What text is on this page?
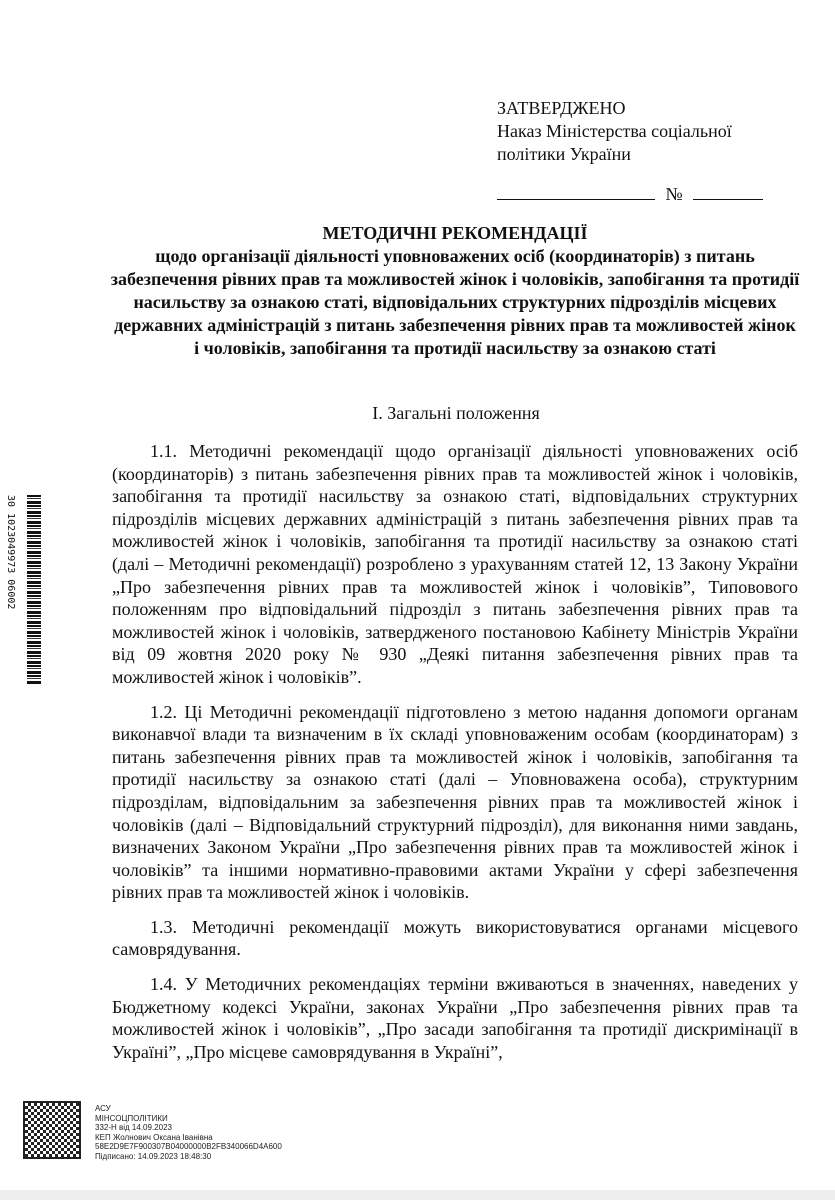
ЗАТВЕРДЖЕНО
Наказ Міністерства соціальної
політики України
№
МЕТОДИЧНІ РЕКОМЕНДАЦІЇ
щодо організації діяльності уповноважених осіб (координаторів) з питань забезпечення рівних прав та можливостей жінок і чоловіків, запобігання та протидії насильству за ознакою статі, відповідальних структурних підрозділів місцевих державних адміністрацій з питань забезпечення рівних прав та можливостей жінок і чоловіків, запобігання та протидії насильству за ознакою статі
І. Загальні положення

1.1. Методичні рекомендації щодо організації діяльності уповноважених осіб (координаторів) з питань забезпечення рівних прав та можливостей жінок і чоловіків, запобігання та протидії насильству за ознакою статі, відповідальних структурних підрозділів місцевих державних адміністрацій з питань забезпечення рівних прав та можливостей жінок і чоловіків, запобігання та протидії насильству за ознакою статі (далі – Методичні рекомендації) розроблено з урахуванням статей 12, 13 Закону України „Про забезпечення рівних прав та можливостей жінок і чоловіків”, Типовового положенням про відповідальний підрозділ з питань забезпечення рівних прав та можливостей жінок і чоловіків, затвердженого постановою Кабінету Міністрів України від 09 жовтня 2020 року № 930 „Деякі питання забезпечення рівних прав та можливостей жінок і чоловіків”.

1.2. Ці Методичні рекомендації підготовлено з метою надання допомоги органам виконавчої влади та визначеним в їх складі уповноваженим особам (координаторам) з питань забезпечення рівних прав та можливостей жінок і чоловіків, запобігання та протидії насильству за ознакою статі (далі – Уповноважена особа), структурним підрозділам, відповідальним за забезпечення рівних прав та можливостей жінок і чоловіків (далі – Відповідальний структурний підрозділ), для виконання ними завдань, визначених Законом України „Про забезпечення рівних прав та можливостей жінок і чоловіків” та іншими нормативно-правовими актами України у сфері забезпечення рівних прав та можливостей жінок і чоловіків.

1.3. Методичні рекомендації можуть використовуватися органами місцевого самоврядування.

1.4. У Методичних рекомендаціях терміни вживаються в значеннях, наведених у Бюджетному кодексі України, законах України „Про забезпечення рівних прав та можливостей жінок і чоловіків”, „Про засади запобігання та протидії дискримінації в Україні”, „Про місцеве самоврядування в Україні”,

30 1023049973 06002
АСУ
МІНСОЦПОЛІТИКИ
332-Н від 14.09.2023
КЕП Жолнович Оксана Іванівна
58E2D9E7F900307B04000000B2FB340066D4A600
Підписано: 14.09.2023 18:48:30
